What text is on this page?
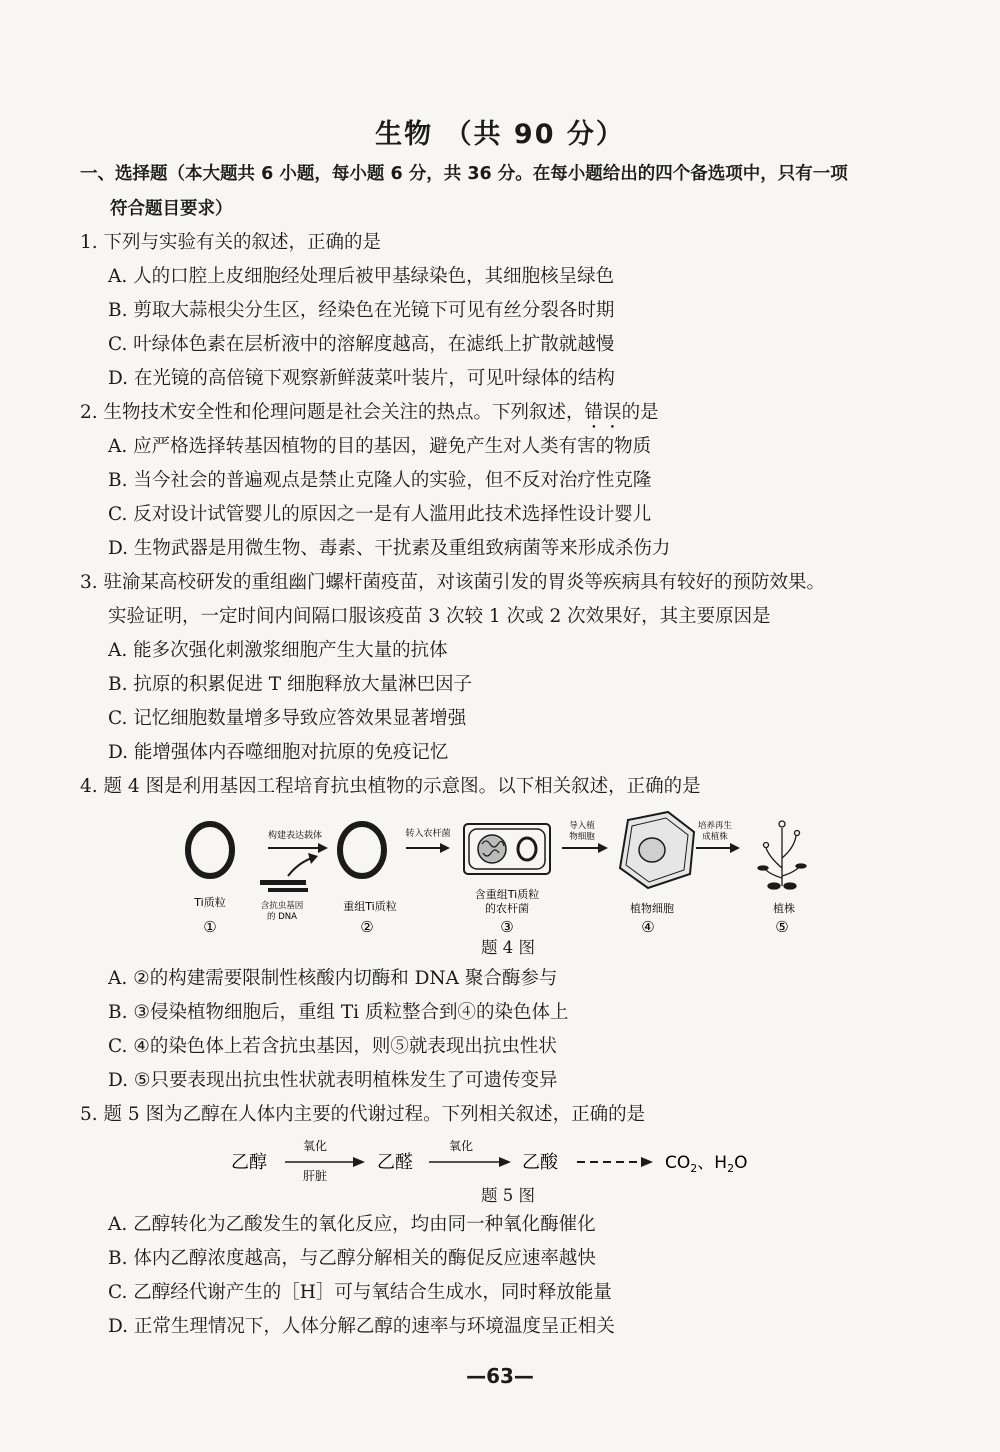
生物 （共 90 分）
一、选择题（本大题共 6 小题，每小题 6 分，共 36 分。在每小题给出的四个备选项中，只有一项
符合题目要求）
1. 下列与实验有关的叙述，正确的是
A. 人的口腔上皮细胞经处理后被甲基绿染色，其细胞核呈绿色
B. 剪取大蒜根尖分生区，经染色在光镜下可见有丝分裂各时期
C. 叶绿体色素在层析液中的溶解度越高，在滤纸上扩散就越慢
D. 在光镜的高倍镜下观察新鲜菠菜叶装片，可见叶绿体的结构
2. 生物技术安全性和伦理问题是社会关注的热点。下列叙述，错误的是
A. 应严格选择转基因植物的目的基因，避免产生对人类有害的物质
B. 当今社会的普遍观点是禁止克隆人的实验，但不反对治疗性克隆
C. 反对设计试管婴儿的原因之一是有人滥用此技术选择性设计婴儿
D. 生物武器是用微生物、毒素、干扰素及重组致病菌等来形成杀伤力
3. 驻渝某高校研发的重组幽门螺杆菌疫苗，对该菌引发的胃炎等疾病具有较好的预防效果。
实验证明，一定时间内间隔口服该疫苗 3 次较 1 次或 2 次效果好，其主要原因是
A. 能多次强化刺激浆细胞产生大量的抗体
B. 抗原的积累促进 T 细胞释放大量淋巴因子
C. 记忆细胞数量增多导致应答效果显著增强
D. 能增强体内吞噬细胞对抗原的免疫记忆
4. 题 4 图是利用基因工程培育抗虫植物的示意图。以下相关叙述，正确的是
Ti质粒
①
构建表达载体
含抗虫基因
的 DNA
重组Ti质粒
②
转入农杆菌
含重组Ti质粒
的农杆菌
③
导入植
物细胞
植物细胞
④
培养再生
成植株
植株
⑤
题 4 图
A. ②的构建需要限制性核酸内切酶和 DNA 聚合酶参与
B. ③侵染植物细胞后，重组 Ti 质粒整合到④的染色体上
C. ④的染色体上若含抗虫基因，则⑤就表现出抗虫性状
D. ⑤只要表现出抗虫性状就表明植株发生了可遗传变异
5. 题 5 图为乙醇在人体内主要的代谢过程。下列相关叙述，正确的是
乙醇
氧化
肝脏
乙醛
氧化
乙酸	$CO_2$、$H_2O$
题 5 图
A. 乙醇转化为乙酸发生的氧化反应，均由同一种氧化酶催化
B. 体内乙醇浓度越高，与乙醇分解相关的酶促反应速率越快
C. 乙醇经代谢产生的［H］可与氧结合生成水，同时释放能量
D. 正常生理情况下，人体分解乙醇的速率与环境温度呈正相关
—63—
